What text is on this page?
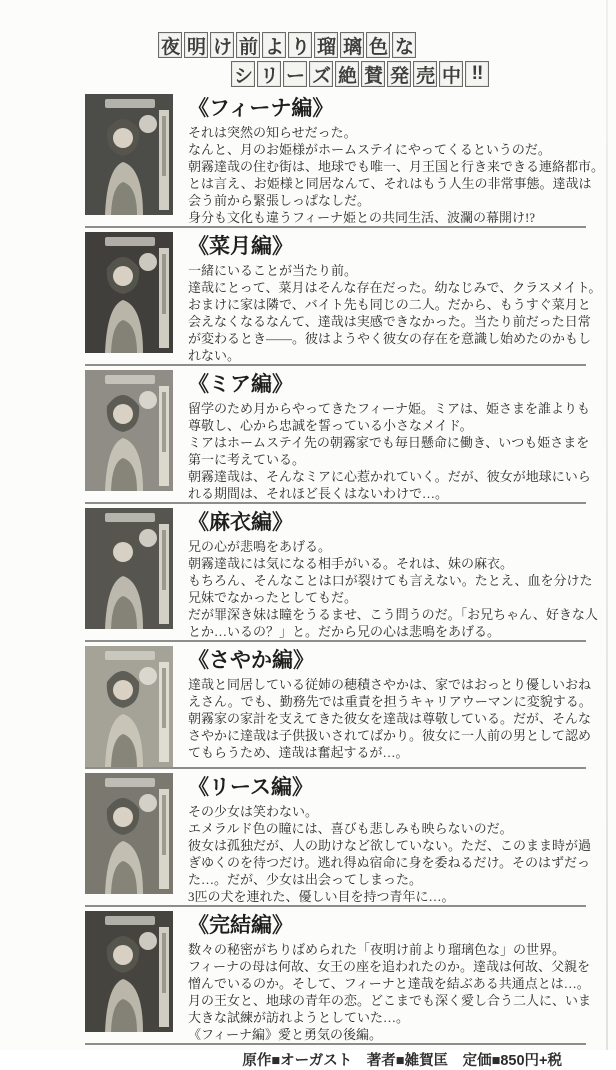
夜 明 け 前 よ り 瑠 璃 色 な
シ リ ー ズ 絶 賛 発 売 中 !!
《フィーナ編》
それは突然の知らせだった。
なんと、月のお姫様がホームステイにやってくるというのだ。
朝霧達哉の住む街は、地球でも唯一、月王国と行き来できる連絡都市。
とは言え、お姫様と同居なんて、それはもう人生の非常事態。達哉は
会う前から緊張しっぱなしだ。
身分も文化も違うフィーナ姫との共同生活、波瀾の幕開け!?
《菜月編》
一緒にいることが当たり前。
達哉にとって、菜月はそんな存在だった。幼なじみで、クラスメイト。
おまけに家は隣で、バイト先も同じの二人。だから、もうすぐ菜月と
会えなくなるなんて、達哉は実感できなかった。当たり前だった日常
が変わるとき――。彼はようやく彼女の存在を意識し始めたのかもし
れない。
《ミア編》
留学のため月からやってきたフィーナ姫。ミアは、姫さまを誰よりも
尊敬し、心から忠誠を誓っている小さなメイド。
ミアはホームステイ先の朝霧家でも毎日懸命に働き、いつも姫さまを
第一に考えている。
朝霧達哉は、そんなミアに心惹かれていく。だが、彼女が地球にいら
れる期間は、それほど長くはないわけで…。
《麻衣編》
兄の心が悲鳴をあげる。
朝霧達哉には気になる相手がいる。それは、妹の麻衣。
もちろん、そんなことは口が裂けても言えない。たとえ、血を分けた
兄妹でなかったとしてもだ。
だが罪深き妹は瞳をうるませ、こう問うのだ。「お兄ちゃん、好きな人
とか…いるの？」と。だから兄の心は悲鳴をあげる。
《さやか編》
達哉と同居している従姉の穂積さやかは、家ではおっとり優しいおね
えさん。でも、勤務先では重責を担うキャリアウーマンに変貌する。
朝霧家の家計を支えてきた彼女を達哉は尊敬している。だが、そんな
さやかに達哉は子供扱いされてばかり。彼女に一人前の男として認め
てもらうため、達哉は奮起するが…。
《リース編》
その少女は笑わない。
エメラルド色の瞳には、喜びも悲しみも映らないのだ。
彼女は孤独だが、人の助けなど欲していない。ただ、このまま時が過
ぎゆくのを待つだけ。逃れ得ぬ宿命に身を委ねるだけ。そのはずだっ
た…。だが、少女は出会ってしまった。
3匹の犬を連れた、優しい目を持つ青年に…。
《完結編》
数々の秘密がちりばめられた「夜明け前より瑠璃色な」の世界。
フィーナの母は何故、女王の座を追われたのか。達哉は何故、父親を
憎んでいるのか。そして、フィーナと達哉を結ぶある共通点とは…。
月の王女と、地球の青年の恋。どこまでも深く愛し合う二人に、いま
大きな試練が訪れようとしていた…。
《フィーナ編》愛と勇気の後編。
原作■オーガスト　著者■雑賀匡　定価■850円+税
